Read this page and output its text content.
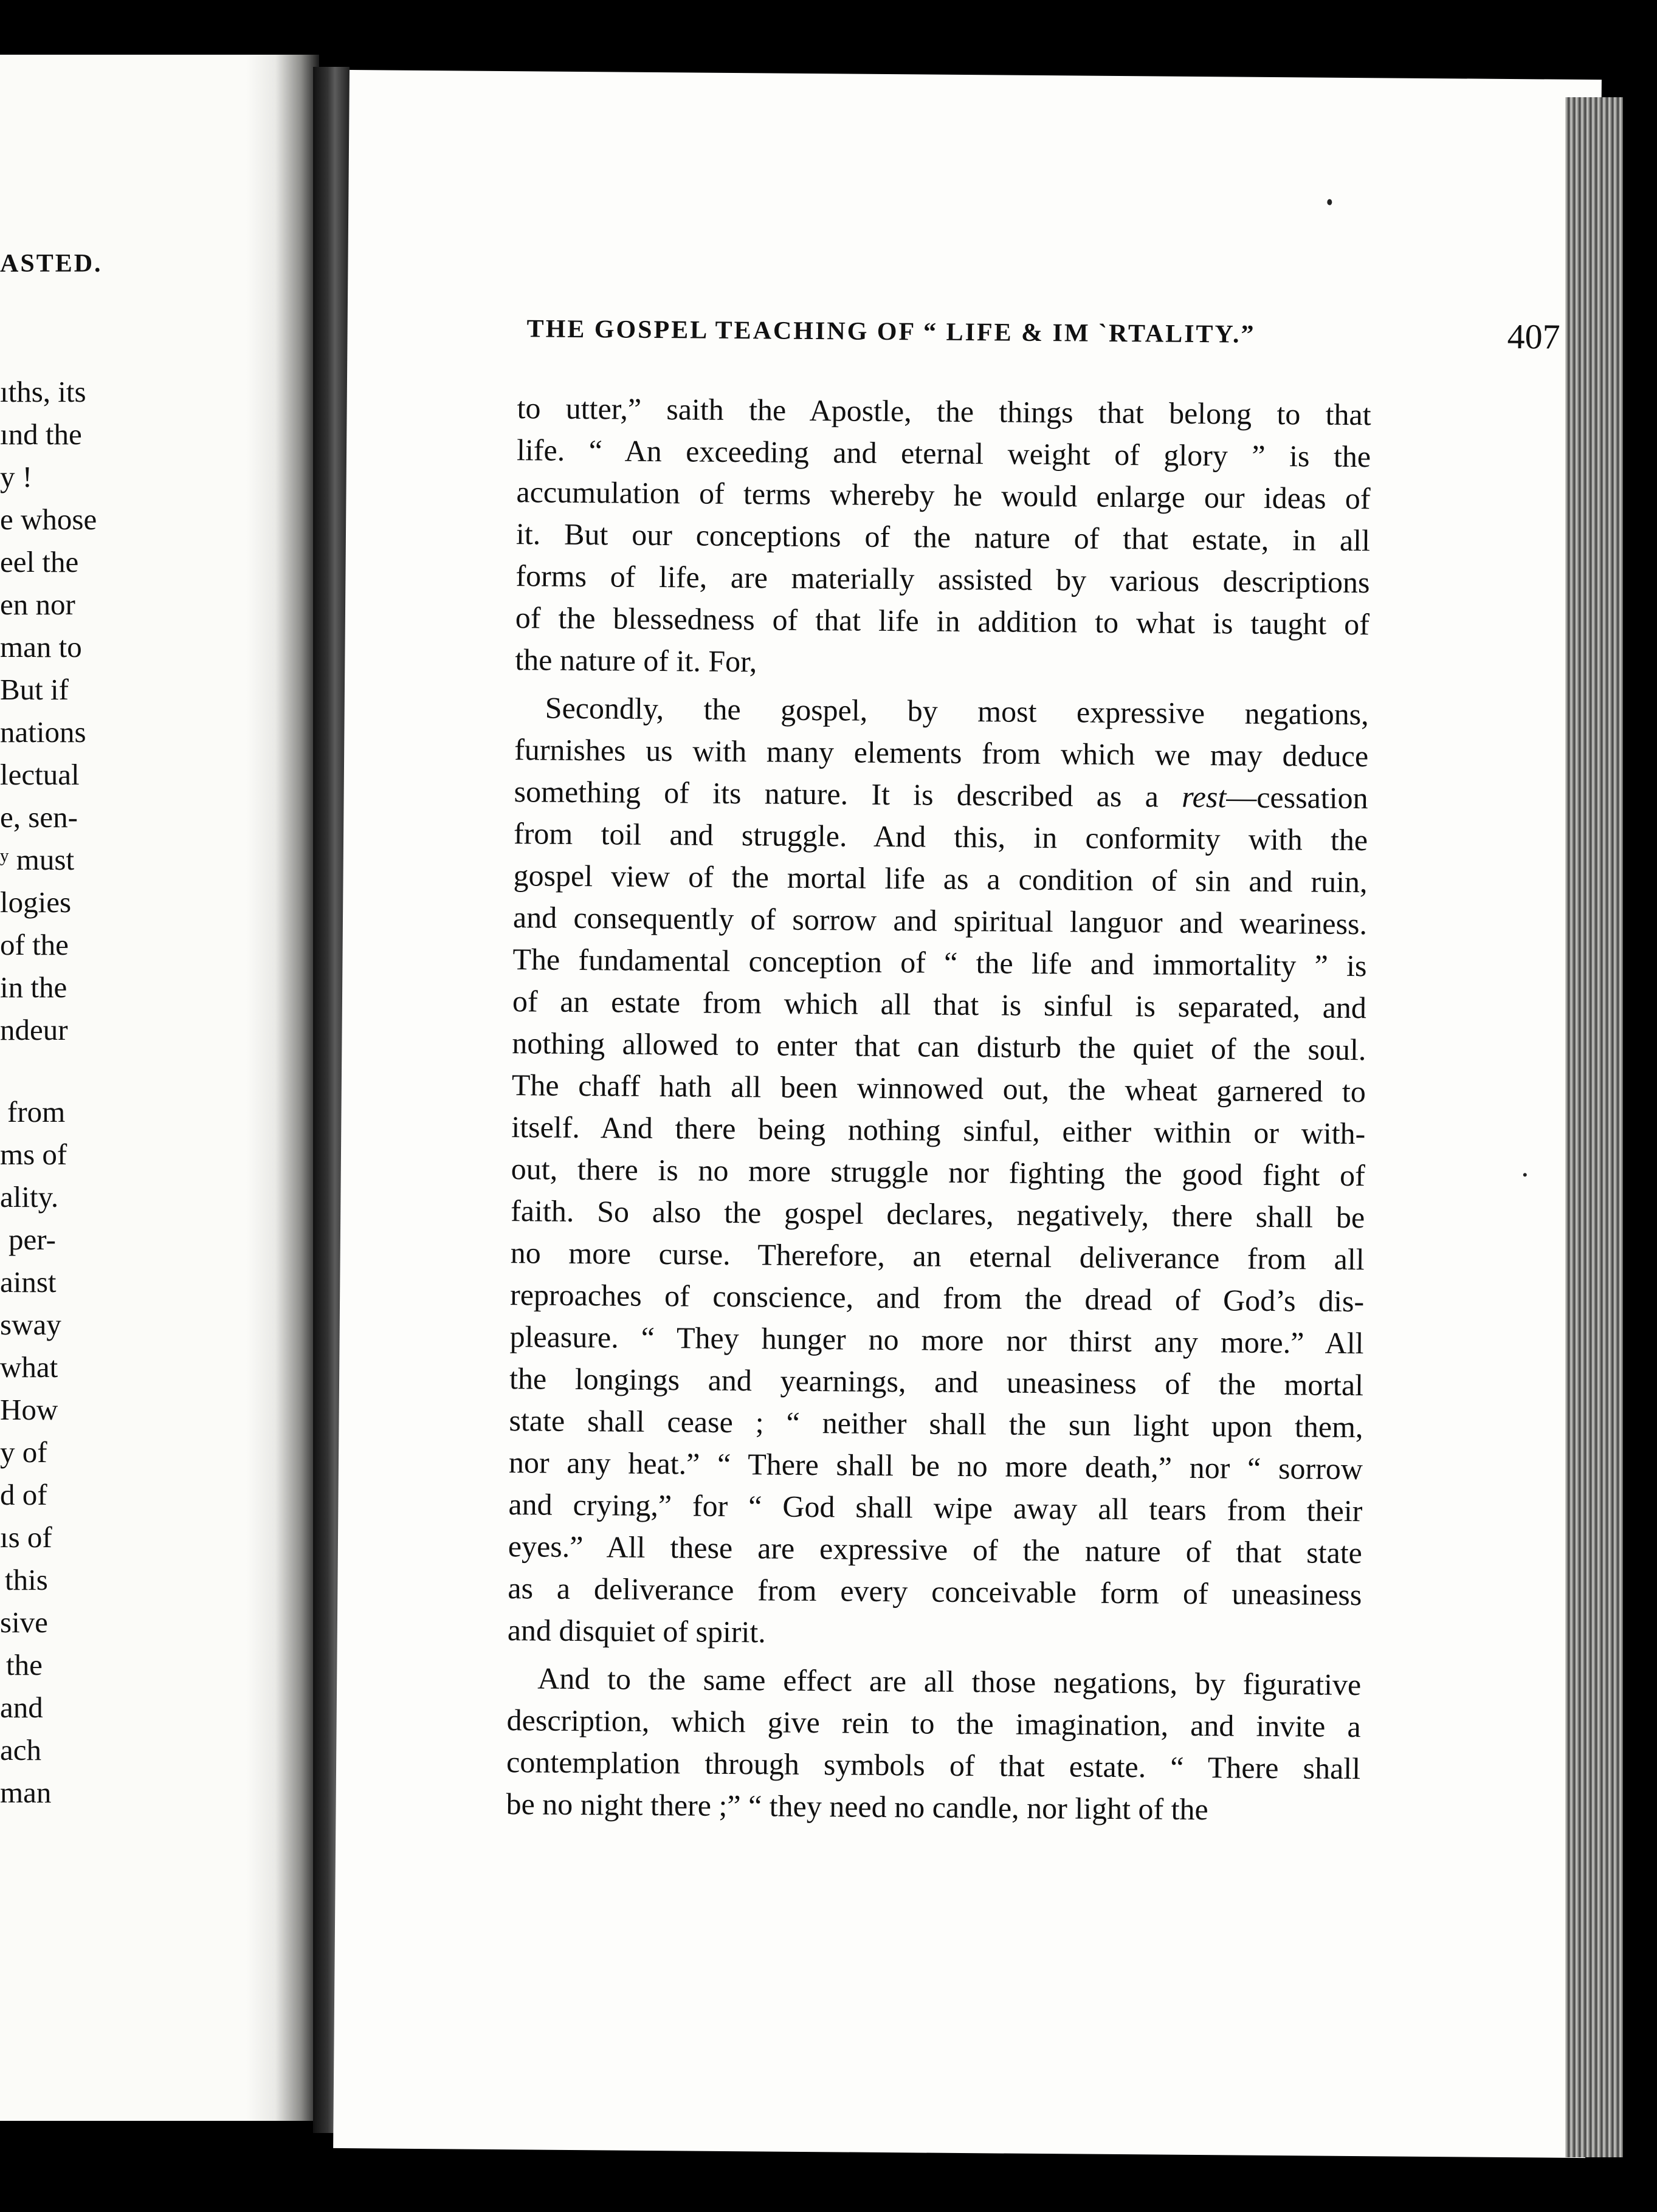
ASTED.
ıths, its
ınd the
y !
e whose
eel the
en nor
man to
But if
nations
lectual
e, sen-
ʸ must
logies
of the
in the
ndeur
from
ms of
ality.
per-
ainst
sway
what
How
y of
d of
ıs of
this
sive
the
and
ach
man
THE GOSPEL TEACHING OF “ LIFE & IM ˋRTALITY.”	407
to utter,” saith the Apostle, the things that belong to that
life. “ An exceeding and eternal weight of glory ” is the
accumulation of terms whereby he would enlarge our ideas of
it. But our conceptions of the nature of that estate, in all
forms of life, are materially assisted by various descriptions
of the blessedness of that life in addition to what is taught of
the nature of it. For,
Secondly, the gospel, by most expressive negations,
furnishes us with many elements from which we may deduce
something of its nature. It is described as a rest—cessation
from toil and struggle. And this, in conformity with the
gospel view of the mortal life as a condition of sin and ruin,
and consequently of sorrow and spiritual languor and weariness.
The fundamental conception of “ the life and immortality ” is
of an estate from which all that is sinful is separated, and
nothing allowed to enter that can disturb the quiet of the soul.
The chaff hath all been winnowed out, the wheat garnered to
itself. And there being nothing sinful, either within or with-
out, there is no more struggle nor fighting the good fight of
faith. So also the gospel declares, negatively, there shall be
no more curse. Therefore, an eternal deliverance from all
reproaches of conscience, and from the dread of God’s dis-
pleasure. “ They hunger no more nor thirst any more.” All
the longings and yearnings, and uneasiness of the mortal
state shall cease ; “ neither shall the sun light upon them,
nor any heat.” “ There shall be no more death,” nor “ sorrow
and crying,” for “ God shall wipe away all tears from their
eyes.” All these are expressive of the nature of that state
as a deliverance from every conceivable form of uneasiness
and disquiet of spirit.
And to the same effect are all those negations, by figurative
description, which give rein to the imagination, and invite a
contemplation through symbols of that estate. “ There shall
be no night there ;” “ they need no candle, nor light of the
